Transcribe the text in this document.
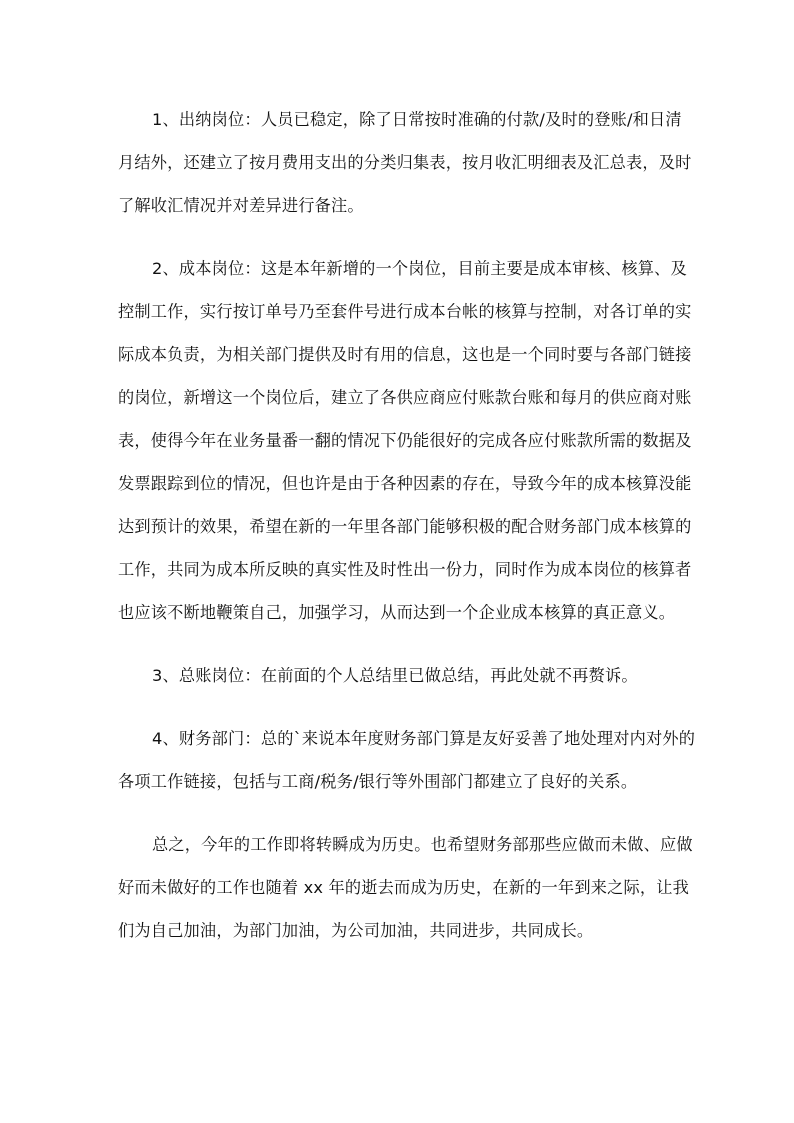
1、出纳岗位：人员已稳定，除了日常按时准确的付款/及时的登账/和日清
月结外，还建立了按月费用支出的分类归集表，按月收汇明细表及汇总表，及时
了解收汇情况并对差异进行备注。

2、成本岗位：这是本年新增的一个岗位，目前主要是成本审核、核算、及
控制工作，实行按订单号乃至套件号进行成本台帐的核算与控制，对各订单的实
际成本负责，为相关部门提供及时有用的信息，这也是一个同时要与各部门链接
的岗位，新增这一个岗位后，建立了各供应商应付账款台账和每月的供应商对账
表，使得今年在业务量番一翻的情况下仍能很好的完成各应付账款所需的数据及
发票跟踪到位的情况，但也许是由于各种因素的存在，导致今年的成本核算没能
达到预计的效果，希望在新的一年里各部门能够积极的配合财务部门成本核算的
工作，共同为成本所反映的真实性及时性出一份力，同时作为成本岗位的核算者
也应该不断地鞭策自己，加强学习，从而达到一个企业成本核算的真正意义。

3、总账岗位：在前面的个人总结里已做总结，再此处就不再赘诉。

4、财务部门：总的`来说本年度财务部门算是友好妥善了地处理对内对外的
各项工作链接，包括与工商/税务/银行等外围部门都建立了良好的关系。

总之，今年的工作即将转瞬成为历史。也希望财务部那些应做而未做、应做
好而未做好的工作也随着 xx 年的逝去而成为历史，在新的一年到来之际，让我
们为自己加油，为部门加油，为公司加油，共同进步，共同成长。
